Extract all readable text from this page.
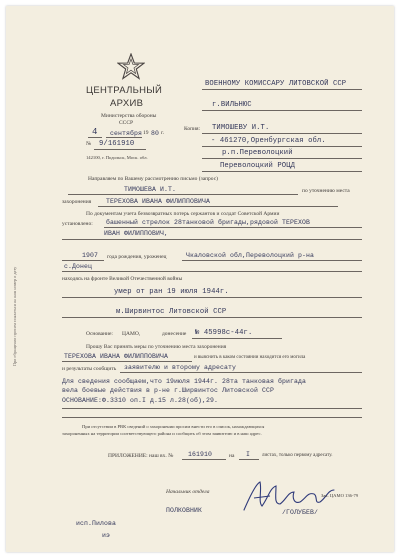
При обращении просим ссылаться на наш номер и дату
ЦЕНТРАЛЬНЫЙ
АРХИВ
Министерства обороны
СССР
4 сентября 19 80 г.
№ 9/161910
142100, г. Подольск, Моск. обл.
ВОЕННОМУ КОМИССАРУ ЛИТОВСКОЙ ССР
г.ВИЛЬНЮС
Копия: ТИМОШЕВУ И.Т.
- 461270,Оренбургская обл.
р.п.Переволоцкий
Переволоцкий РОЦД
Направляем по Вашему рассмотрению письмо (запрос)
ТИМОШЕВА И.Т.	по уточнению места
захоронения ТЕРЕХОВА ИВАНА ФИЛИППОВИЧА
По документам учета безвозвратных потерь сержантов и солдат Советской Армии
установлено: башенный стрелок 28танковой бригады,рядовой ТЕРЕХОВ
ИВАН ФИЛИППОВИЧ,
1907 года рождения, уроженец	Чкаловской обл,Переволоцкий р-на
с.Донец
находясь на фронте Великой Отечественной войны
умер от ран 19 июля 1944г.
м.Ширвинтос Литовской ССР
Основание: ЦАМО,	донесение № 45998с-44г.
Прошу Вас принять меры по уточнению места захоронения
ТЕРЕХОВА ИВАНА ФИЛИППОВИЧА	и выяснить в каком состоянии находится его могила
и результаты сообщить заявителю и второму адресату
Для сведения сообщаем,что 19июля 1944г. 28та танковая бригада
вела боевые действия в р-не г.Ширвинтос Литовской ССР
ОСНОВАНИЕ:Ф.3310 оп.I д.15 л.28(об),29.
При отсутствии в РВК сведений о захоронении просим внести его в список, нахождающихся
захороненных на территории соответствующего района и сообщить об этом заявителю и в наш адрес.
ПРИЛОЖЕНИЕ: наш вх. № 161910	на I листах, только первому адресату.
Начальник отдела
ПОЛКОВНИК	/ГОЛУБЕВ/
Зак. ЦАМО 136-79
исп.Пилова
иэ
